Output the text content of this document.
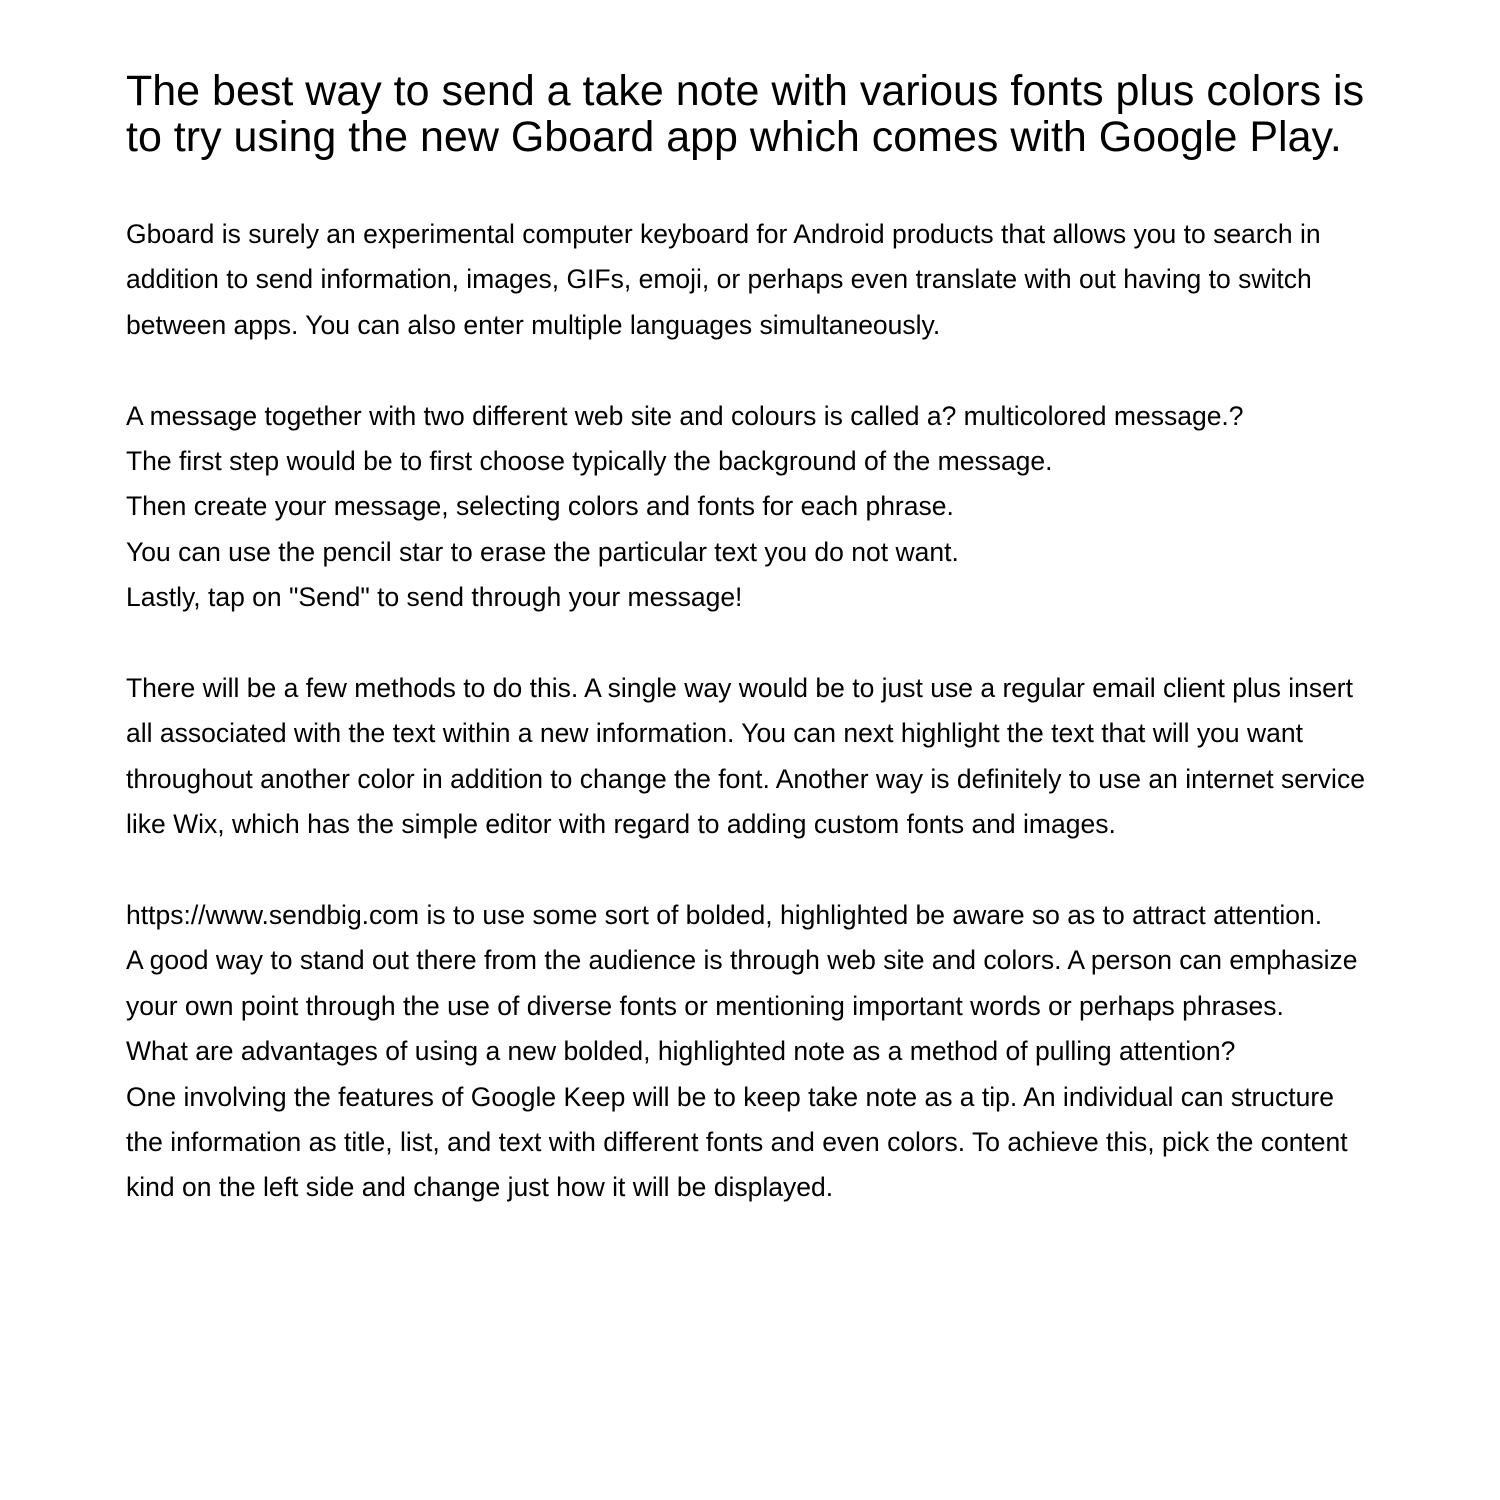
The best way to send a take note with various fonts plus colors is to try using the new Gboard app which comes with Google Play.
Gboard is surely an experimental computer keyboard for Android products that allows you to search in addition to send information, images, GIFs, emoji, or perhaps even translate with out having to switch between apps. You can also enter multiple languages simultaneously.
A message together with two different web site and colours is called a? multicolored message.?
The first step would be to first choose typically the background of the message.
Then create your message, selecting colors and fonts for each phrase.
You can use the pencil star to erase the particular text you do not want.
Lastly, tap on "Send" to send through your message!
There will be a few methods to do this. A single way would be to just use a regular email client plus insert all associated with the text within a new information. You can next highlight the text that will you want throughout another color in addition to change the font. Another way is definitely to use an internet service like Wix, which has the simple editor with regard to adding custom fonts and images.
https://www.sendbig.com is to use some sort of bolded, highlighted be aware so as to attract attention.
A good way to stand out there from the audience is through web site and colors. A person can emphasize your own point through the use of diverse fonts or mentioning important words or perhaps phrases.
What are advantages of using a new bolded, highlighted note as a method of pulling attention?
One involving the features of Google Keep will be to keep take note as a tip. An individual can structure the information as title, list, and text with different fonts and even colors. To achieve this, pick the content kind on the left side and change just how it will be displayed.
